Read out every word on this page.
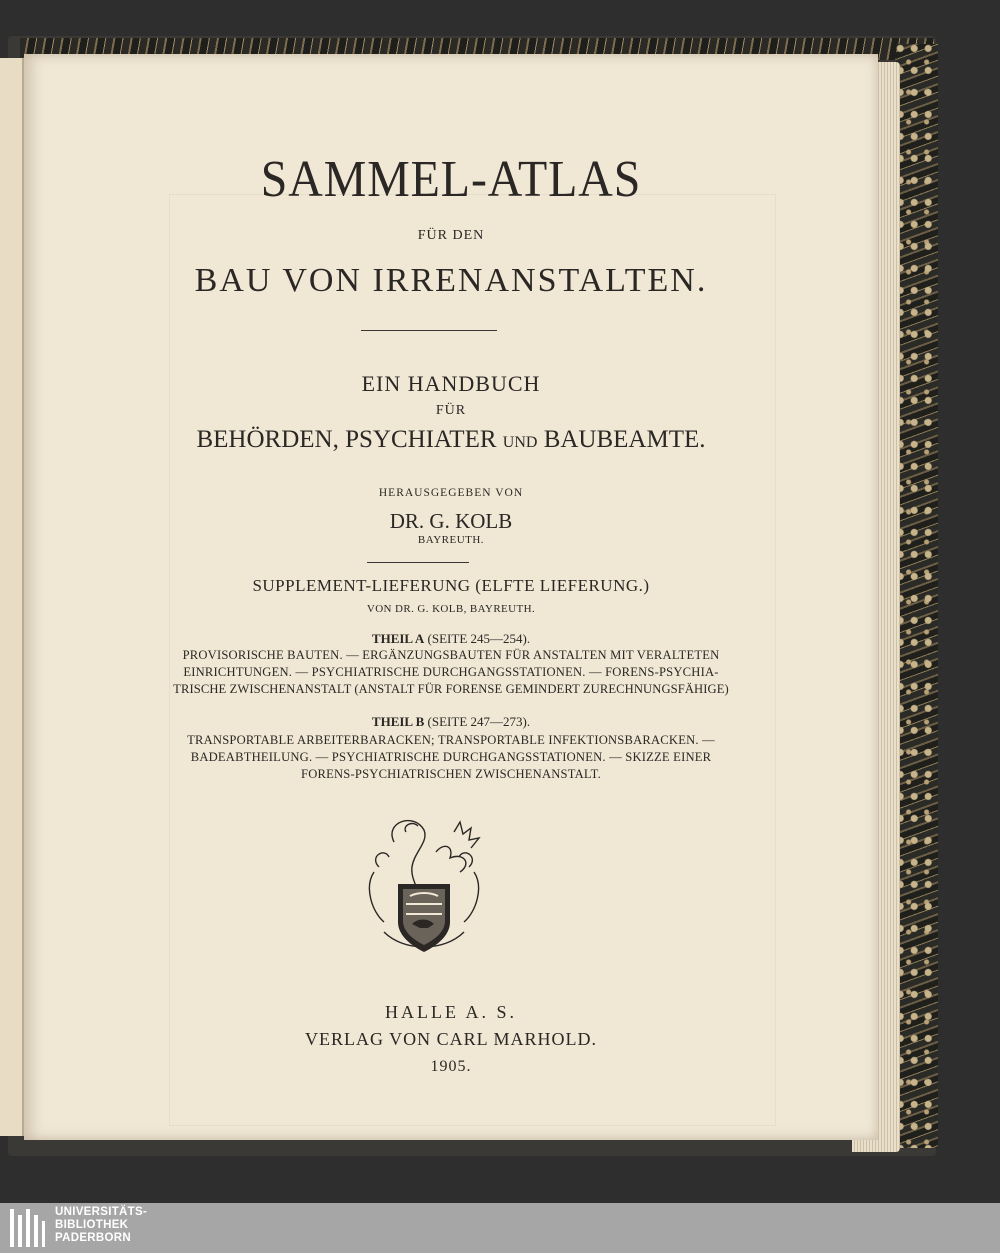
SAMMEL-ATLAS
FÜR DEN
BAU VON IRRENANSTALTEN.
EIN HANDBUCH
FÜR
BEHÖRDEN, PSYCHIATER UND BAUBEAMTE.
HERAUSGEGEBEN VON
DR. G. KOLB
BAYREUTH.
SUPPLEMENT-LIEFERUNG (ELFTE LIEFERUNG.)
VON DR. G. KOLB, BAYREUTH.
THEIL A (SEITE 245—254).
PROVISORISCHE BAUTEN. — ERGÄNZUNGSBAUTEN FÜR ANSTALTEN MIT VERALTETEN
EINRICHTUNGEN. — PSYCHIATRISCHE DURCHGANGSSTATIONEN. — FORENS-PSYCHIA-
TRISCHE ZWISCHENANSTALT (ANSTALT FÜR FORENSE GEMINDERT ZURECHNUNGSFÄHIGE)
THEIL B (SEITE 247—273).
TRANSPORTABLE ARBEITERBARACKEN; TRANSPORTABLE INFEKTIONSBARACKEN. —
BADEABTHEILUNG. — PSYCHIATRISCHE DURCHGANGSSTATIONEN. — SKIZZE EINER
FORENS-PSYCHIATRISCHEN ZWISCHENANSTALT.
HALLE A. S.
VERLAG VON CARL MARHOLD.
1905.
UNIVERSITÄTS-
BIBLIOTHEK
PADERBORN
